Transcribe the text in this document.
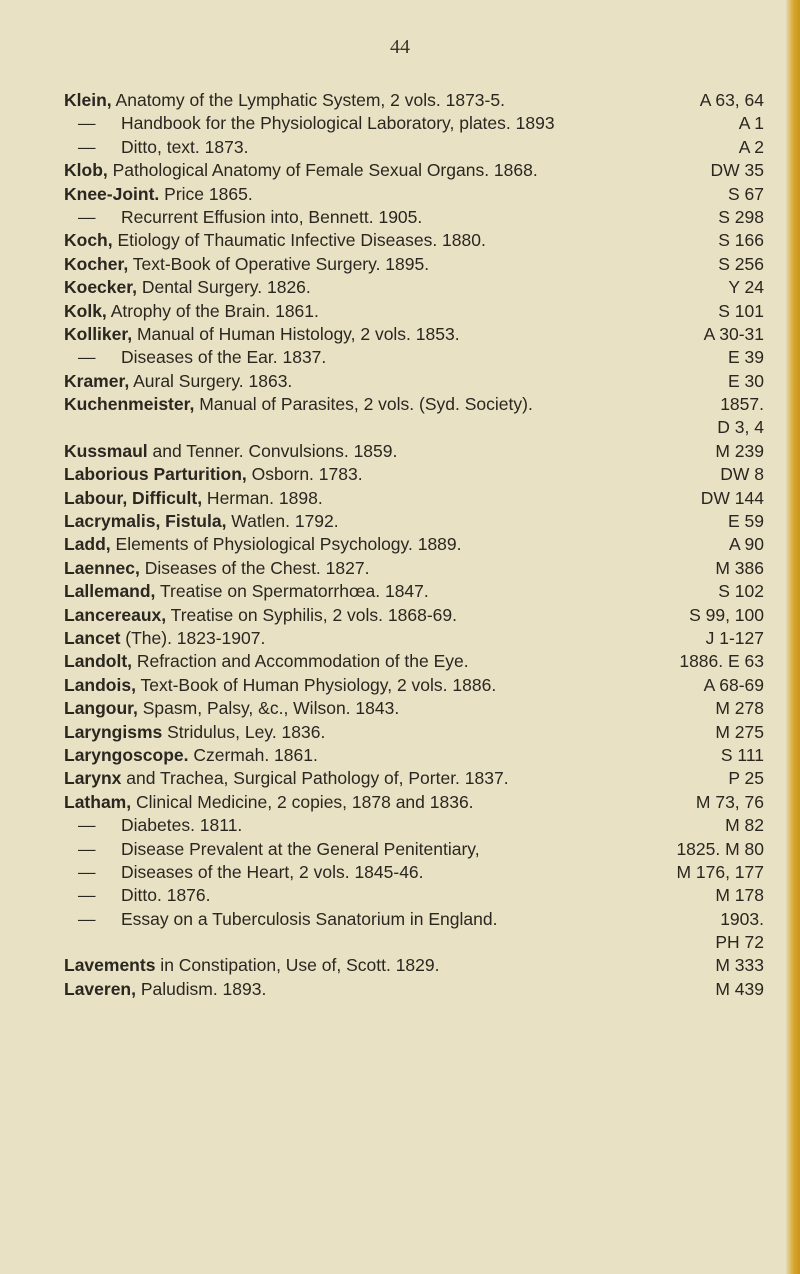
44
Klein, Anatomy of the Lymphatic System, 2 vols. 1873-5.	A 63, 64
— Handbook for the Physiological Laboratory, plates. 1893	A 1
— Ditto, text. 1873.	A 2
Klob, Pathological Anatomy of Female Sexual Organs. 1868.	DW 35
Knee-Joint. Price 1865.	S 67
— Recurrent Effusion into, Bennett. 1905.	S 298
Koch, Etiology of Thaumatic Infective Diseases. 1880.	S 166
Kocher, Text-Book of Operative Surgery. 1895.	S 256
Koecker, Dental Surgery. 1826.	Y 24
Kolk, Atrophy of the Brain. 1861.	S 101
Kolliker, Manual of Human Histology, 2 vols. 1853.	A 30-31
— Diseases of the Ear. 1837.	E 39
Kramer, Aural Surgery. 1863.	E 30
Kuchenmeister, Manual of Parasites, 2 vols. (Syd. Society).	1857.
D 3, 4
Kussmaul and Tenner. Convulsions. 1859.	M 239
Laborious Parturition, Osborn. 1783.	DW 8
Labour, Difficult, Herman. 1898.	DW 144
Lacrymalis, Fistula, Watlen. 1792.	E 59
Ladd, Elements of Physiological Psychology. 1889.	A 90
Laennec, Diseases of the Chest. 1827.	M 386
Lallemand, Treatise on Spermatorrhœa. 1847.	S 102
Lancereaux, Treatise on Syphilis, 2 vols. 1868-69.	S 99, 100
Lancet (The). 1823-1907.	J 1-127
Landolt, Refraction and Accommodation of the Eye.	1886. E 63
Landois, Text-Book of Human Physiology, 2 vols. 1886.	A 68-69
Langour, Spasm, Palsy, &c., Wilson. 1843.	M 278
Laryngisms Stridulus, Ley. 1836.	M 275
Laryngoscope. Czermah. 1861.	S 111
Larynx and Trachea, Surgical Pathology of, Porter. 1837.	P 25
Latham, Clinical Medicine, 2 copies, 1878 and 1836.	M 73, 76
— Diabetes. 1811.	M 82
— Disease Prevalent at the General Penitentiary,	1825. M 80
— Diseases of the Heart, 2 vols. 1845-46.	M 176, 177
— Ditto. 1876.	M 178
— Essay on a Tuberculosis Sanatorium in England.	1903.
PH 72
Lavements in Constipation, Use of, Scott. 1829.	M 333
Laveren, Paludism. 1893.	M 439
